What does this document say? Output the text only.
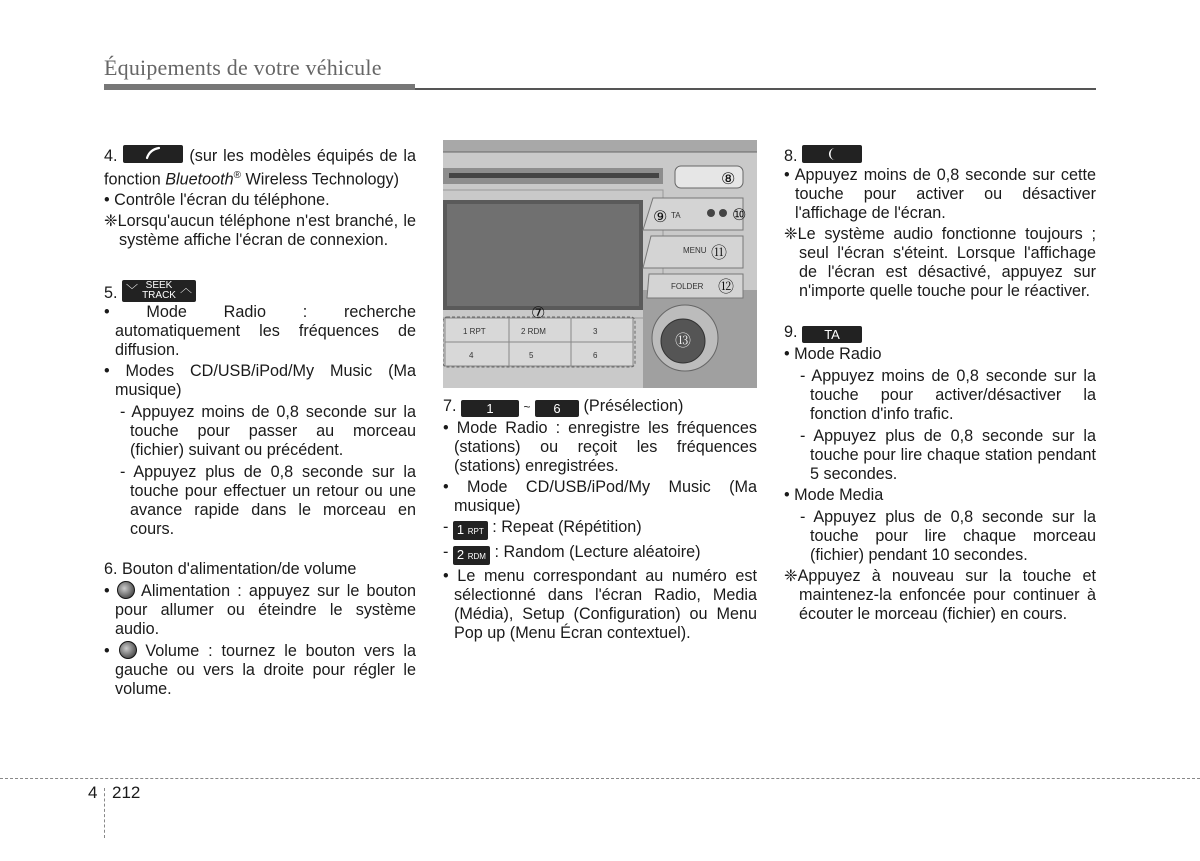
Équipements de votre véhicule

4.	(sur les modèles équipés de la fonction Bluetooth® Wireless Technology)

• Contrôle l'écran du téléphone.

❈Lorsqu'aucun téléphone n'est branché, le système affiche l'écran de connexion.

5. ﹀ SEEK
TRACK
︿

• Mode Radio : recherche automatiquement les fréquences de diffusion.

• Modes CD/USB/iPod/My Music (Ma musique)

- Appuyez moins de 0,8 seconde sur la touche pour passer au morceau (fichier) suivant ou précédent.

- Appuyez plus de 0,8 seconde sur la touche pour effectuer un retour ou une avance rapide dans le morceau en cours.

6. Bouton d'alimentation/de volume

•  Alimentation : appuyez sur le bouton pour allumer ou éteindre le système audio.

•  Volume : tournez le bouton vers la gauche ou vers la droite pour régler le volume.

1 RPT	2 RDM	3
4	5	6
TA
MENU
FOLDER
⑦
⑧
⑨	⑩
⑪
⑫
⑬

7. 1 ~ 6 (Présélection)

• Mode Radio : enregistre les fréquences (stations) ou reçoit les fréquences (stations) enregistrées.

• Mode CD/USB/iPod/My Music (Ma musique)

- 1 RPT : Repeat (Répétition)

- 2 RDM : Random (Lecture aléatoire)

• Le menu correspondant au numéro est sélectionné dans l'écran Radio, Media (Média), Setup (Configuration) ou Menu Pop up (Menu Écran contextuel).

8.

• Appuyez moins de 0,8 seconde sur cette touche pour activer ou désactiver l'affichage de l'écran.

❈Le système audio fonctionne toujours ; seul l'écran s'éteint. Lorsque l'affichage de l'écran est désactivé, appuyez sur n'importe quelle touche pour le réactiver.

9. TA

• Mode Radio

- Appuyez moins de 0,8 seconde sur la touche pour activer/désactiver la fonction d'info trafic.

- Appuyez plus de 0,8 seconde sur la touche pour lire chaque station pendant 5 secondes.

• Mode Media

- Appuyez plus de 0,8 seconde sur la touche pour lire chaque morceau (fichier) pendant 10 secondes.

❈Appuyez à nouveau sur la touche et maintenez-la enfoncée pour continuer à écouter le morceau (fichier) en cours.

4 212
